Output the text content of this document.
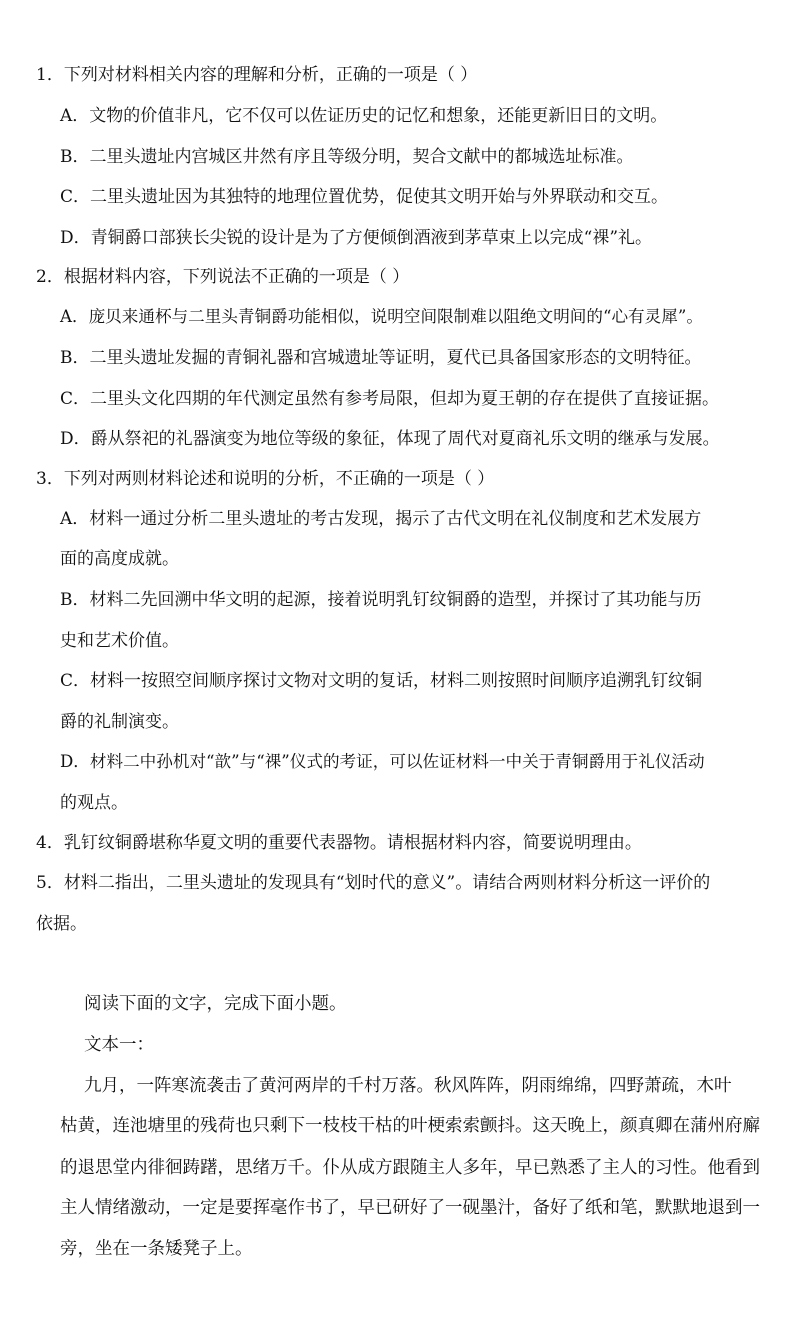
1．下列对材料相关内容的理解和分析，正确的一项是（ ）
A．文物的价值非凡，它不仅可以佐证历史的记忆和想象，还能更新旧日的文明。
B．二里头遗址内宫城区井然有序且等级分明，契合文献中的都城选址标准。
C．二里头遗址因为其独特的地理位置优势，促使其文明开始与外界联动和交互。
D．青铜爵口部狭长尖锐的设计是为了方便倾倒酒液到茅草束上以完成“祼”礼。
2．根据材料内容，下列说法不正确的一项是（ ）
A．庞贝来通杯与二里头青铜爵功能相似，说明空间限制难以阻绝文明间的“心有灵犀”。
B．二里头遗址发掘的青铜礼器和宫城遗址等证明，夏代已具备国家形态的文明特征。
C．二里头文化四期的年代测定虽然有参考局限，但却为夏王朝的存在提供了直接证据。
D．爵从祭祀的礼器演变为地位等级的象征，体现了周代对夏商礼乐文明的继承与发展。
3．下列对两则材料论述和说明的分析，不正确的一项是（ ）
A．材料一通过分析二里头遗址的考古发现，揭示了古代文明在礼仪制度和艺术发展方
面的高度成就。
B．材料二先回溯中华文明的起源，接着说明乳钉纹铜爵的造型，并探讨了其功能与历
史和艺术价值。
C．材料一按照空间顺序探讨文物对文明的复话，材料二则按照时间顺序追溯乳钉纹铜
爵的礼制演变。
D．材料二中孙机对“歆”与“祼”仪式的考证，可以佐证材料一中关于青铜爵用于礼仪活动
的观点。
4．乳钉纹铜爵堪称华夏文明的重要代表器物。请根据材料内容，简要说明理由。
5．材料二指出，二里头遗址的发现具有“划时代的意义”。请结合两则材料分析这一评价的
依据。
阅读下面的文字，完成下面小题。
文本一：
九月，一阵寒流袭击了黄河两岸的千村万落。秋风阵阵，阴雨绵绵，四野萧疏，木叶
枯黄，连池塘里的残荷也只剩下一枝枝干枯的叶梗索索颤抖。这天晚上，颜真卿在蒲州府廨
的退思堂内徘徊踌躇，思绪万千。仆从成方跟随主人多年，早已熟悉了主人的习性。他看到
主人情绪激动，一定是要挥毫作书了，早已研好了一砚墨汁，备好了纸和笔，默默地退到一
旁，坐在一条矮凳子上。
